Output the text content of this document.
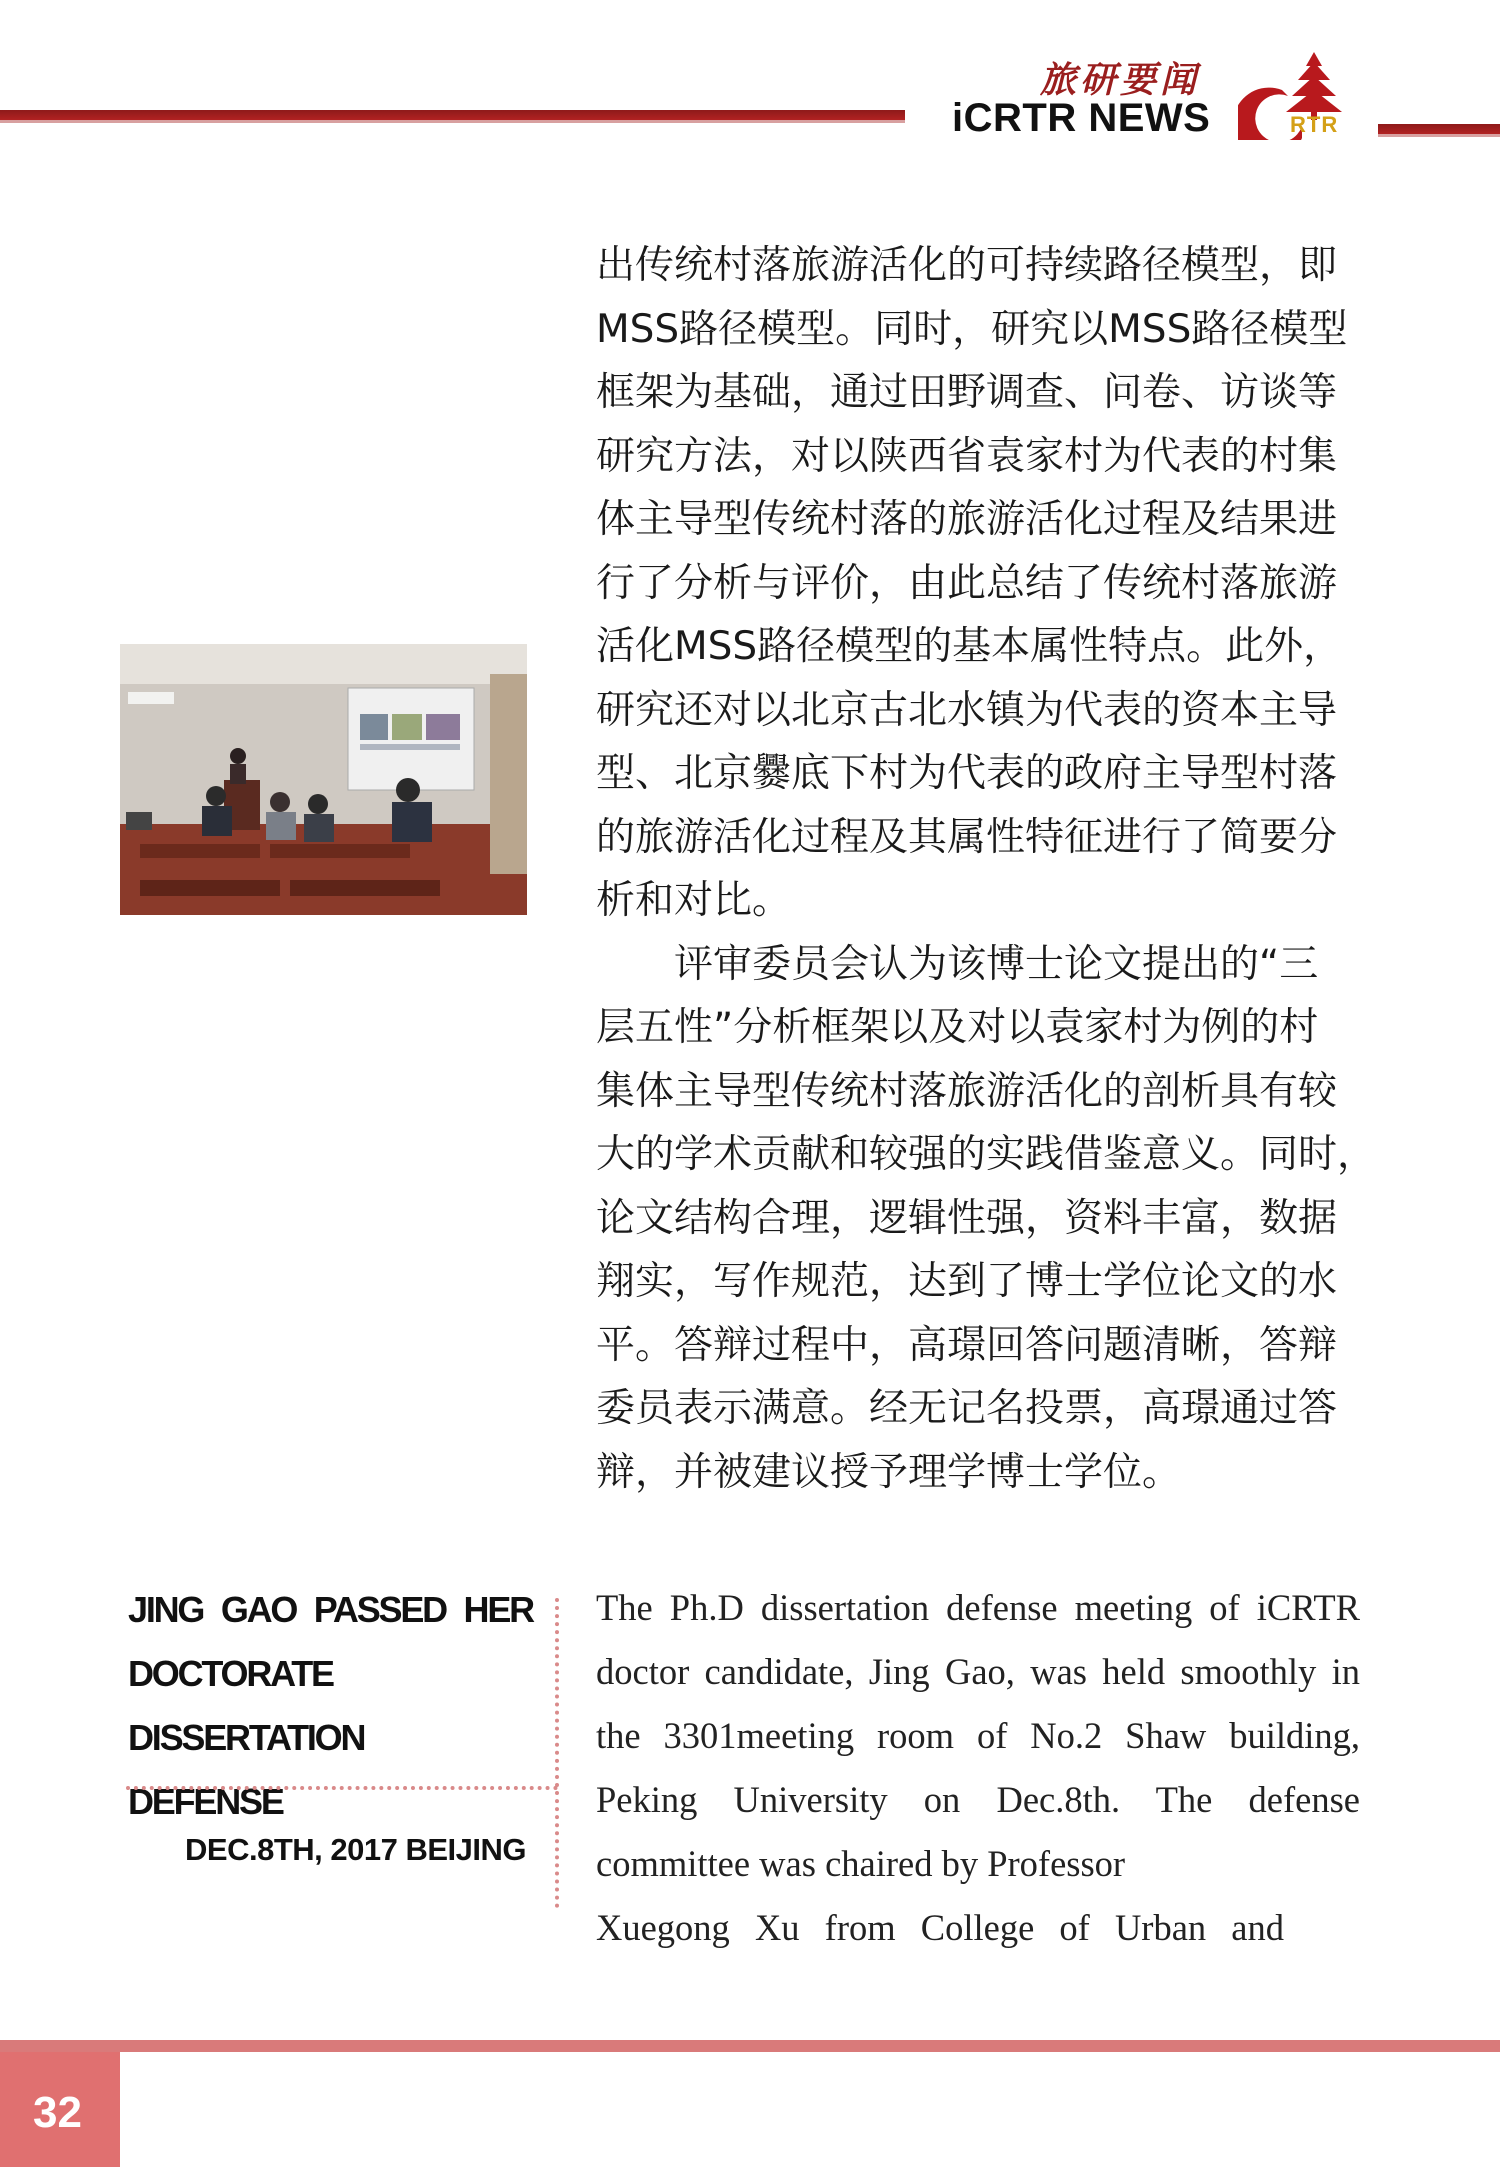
旅研要闻
iCRTR NEWS	RTR

出传统村落旅游活化的可持续路径模型，即
MSS路径模型。同时，研究以MSS路径模型
框架为基础，通过田野调查、问卷、访谈等
研究方法，对以陕西省袁家村为代表的村集
体主导型传统村落的旅游活化过程及结果进
行了分析与评价，由此总结了传统村落旅游
活化MSS路径模型的基本属性特点。此外，
研究还对以北京古北水镇为代表的资本主导
型、北京爨底下村为代表的政府主导型村落
的旅游活化过程及其属性特征进行了简要分
析和对比。

评审委员会认为该博士论文提出的“三
层五性”分析框架以及对以袁家村为例的村
集体主导型传统村落旅游活化的剖析具有较
大的学术贡献和较强的实践借鉴意义。同时，
论文结构合理，逻辑性强，资料丰富，数据
翔实，写作规范，达到了博士学位论文的水
平。答辩过程中，高璟回答问题清晰，答辩
委员表示满意。经无记名投票，高璟通过答
辩，并被建议授予理学博士学位。

JING GAO PASSED HER
DOCTORATE DISSERTATION
DEFENSE
DEC.8TH, 2017 BEIJING
The Ph.D dissertation defense meeting of iCRTR doctor candidate, Jing Gao, was held smoothly in the 3301meeting room of No.2 Shaw building, Peking University on Dec.8th. The defense committee was chaired by Professor
Xuegong Xu from College of Urban and
32
